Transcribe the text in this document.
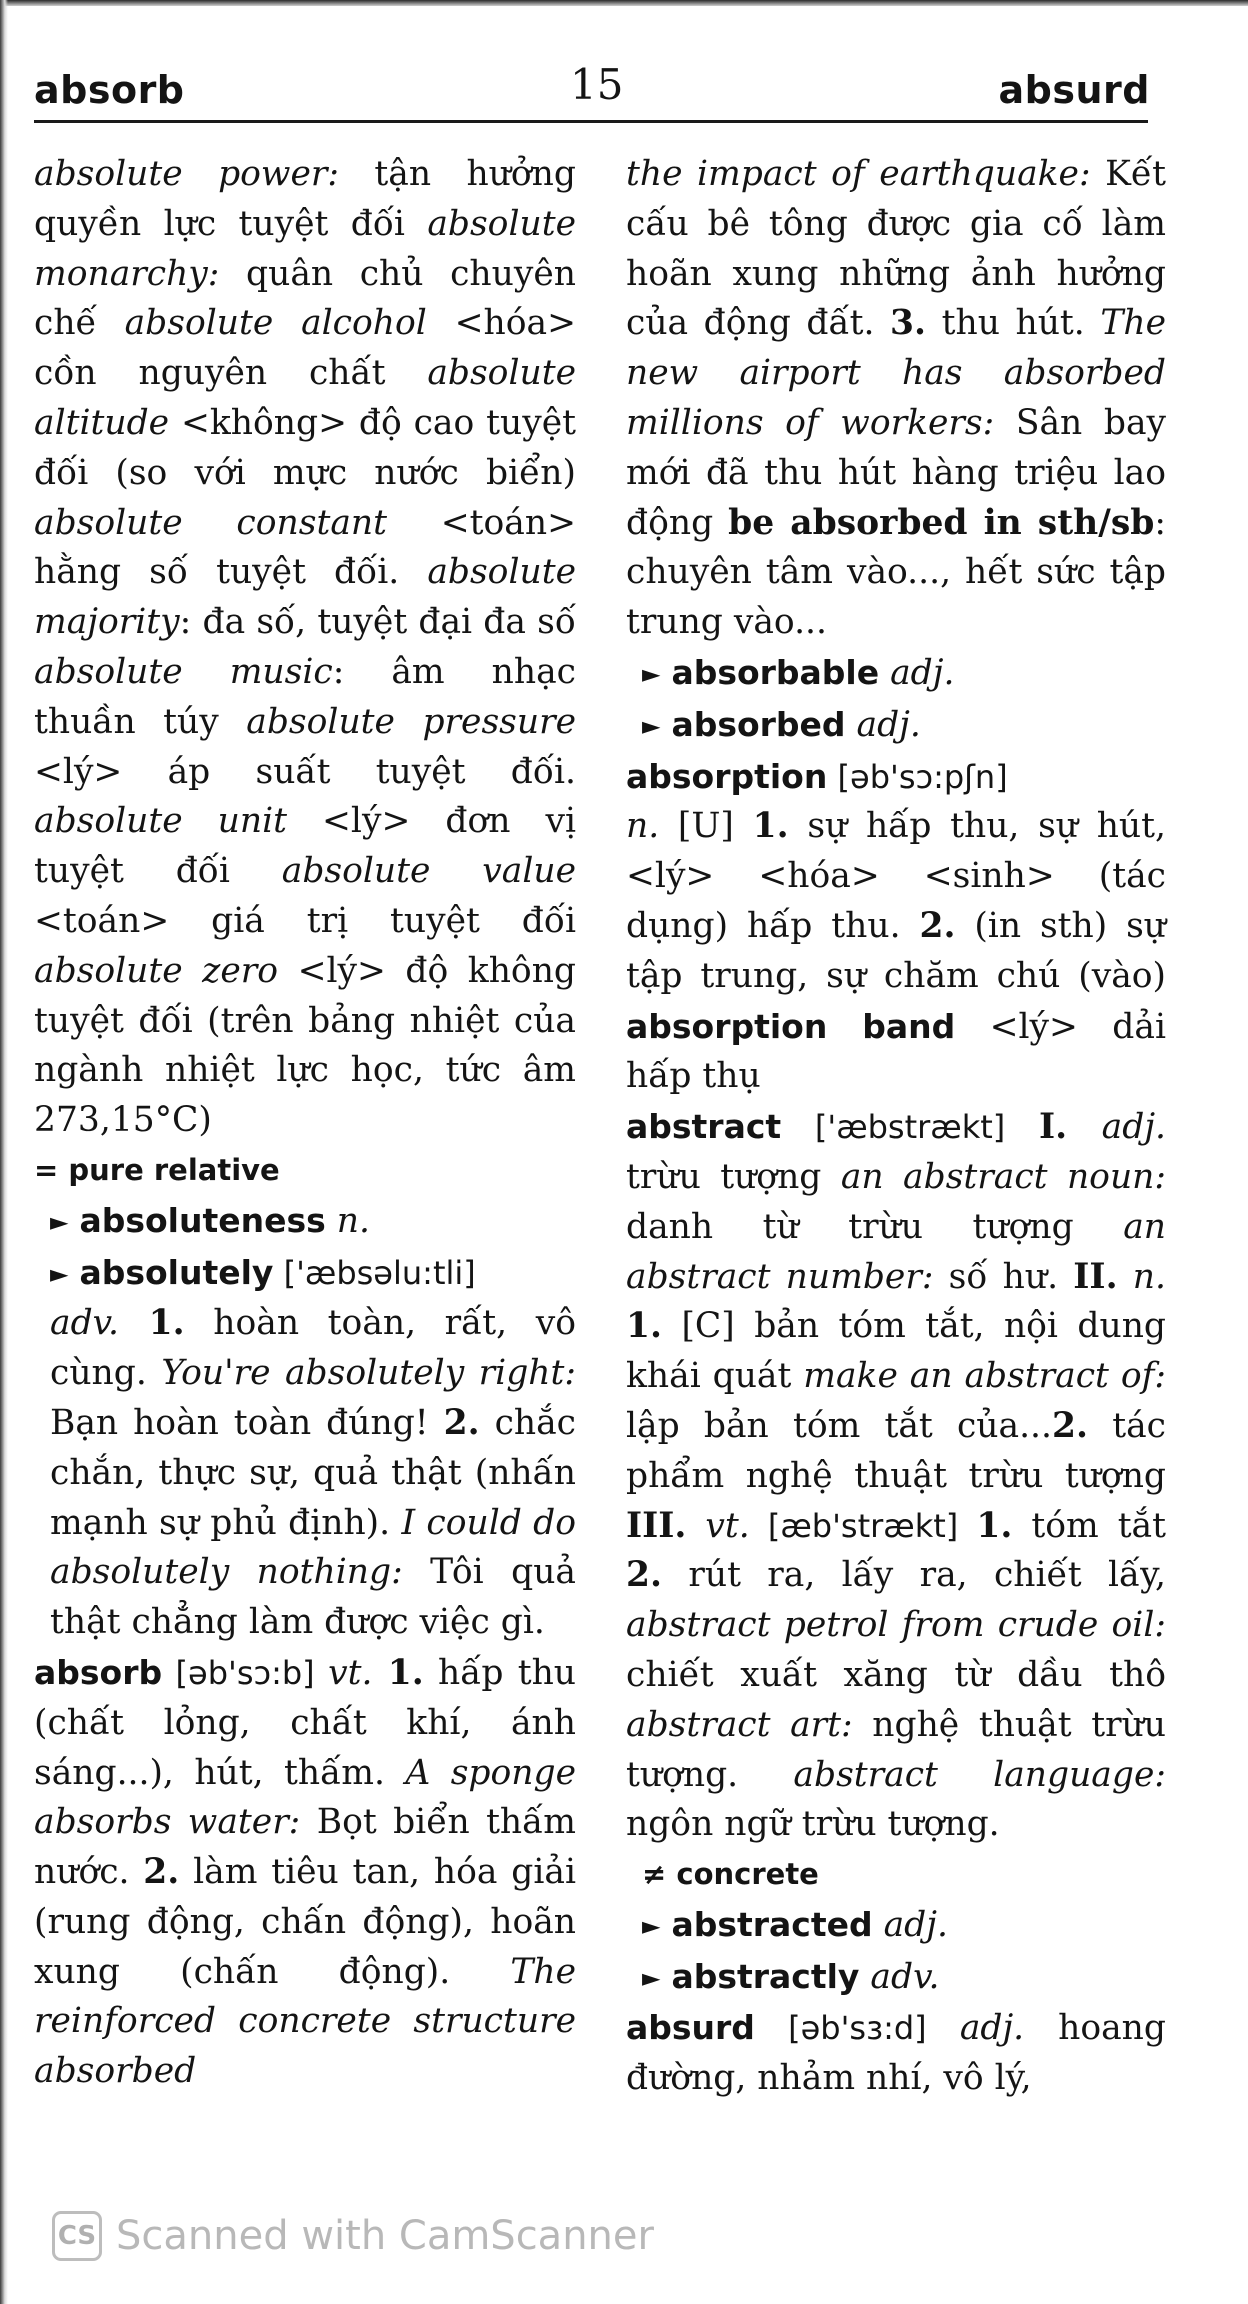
absorb	15	absurd

absolute power: tận hưởng quyền lực tuyệt đối absolute monarchy: quân chủ chuyên chế absolute alcohol <hóa> cồn nguyên chất absolute altitude <không> độ cao tuyệt đối (so với mực nước biển) absolute constant <toán> hằng số tuyệt đối. absolute majority: đa số, tuyệt đại đa số absolute music: âm nhạc thuần túy absolute pressure <lý> áp suất tuyệt đối. absolute unit <lý> đơn vị tuyệt đối absolute value <toán> giá trị tuyệt đối absolute zero <lý> độ không tuyệt đối (trên bảng nhiệt của ngành nhiệt lực học, tức âm 273,15°C)

= pure relative

► absoluteness n.

► absolutely ['æbsəlu:tli]
adv. 1. hoàn toàn, rất, vô cùng. You're absolutely right: Bạn hoàn toàn đúng! 2. chắc chắn, thực sự, quả thật (nhấn mạnh sự phủ định). I could do absolutely nothing: Tôi quả thật chẳng làm được việc gì.

absorb [əb'sɔ:b] vt. 1. hấp thu (chất lỏng, chất khí, ánh sáng...), hút, thấm. A sponge absorbs water: Bọt biển thấm nước. 2. làm tiêu tan, hóa giải (rung động, chấn động), hoãn xung (chấn động). The reinforced concrete structure absorbed

the impact of earthquake: Kết cấu bê tông được gia cố làm hoãn xung những ảnh hưởng của động đất. 3. thu hút. The new airport has absorbed millions of workers: Sân bay mới đã thu hút hàng triệu lao động be absorbed in sth/sb: chuyên tâm vào..., hết sức tập trung vào...

► absorbable adj.

► absorbed adj.

absorption [əb'sɔ:pʃn]
n. [U] 1. sự hấp thu, sự hút, <lý> <hóa> <sinh> (tác dụng) hấp thu. 2. (in sth) sự tập trung, sự chăm chú (vào) absorption band <lý> dải hấp thụ

abstract ['æbstrækt] I. adj. trừu tượng an abstract noun: danh từ trừu tượng an abstract number: số hư. II. n. 1. [C] bản tóm tắt, nội dung khái quát make an abstract of: lập bản tóm tắt của...2. tác phẩm nghệ thuật trừu tượng III. vt. [æb'strækt] 1. tóm tắt 2. rút ra, lấy ra, chiết lấy, abstract petrol from crude oil: chiết xuất xăng từ dầu thô abstract art: nghệ thuật trừu tượng. abstract language: ngôn ngữ trừu tượng.

≠ concrete

► abstracted adj.

► abstractly adv.

absurd [əb'sɜ:d] adj. hoang đường, nhảm nhí, vô lý,

CS Scanned with CamScanner
